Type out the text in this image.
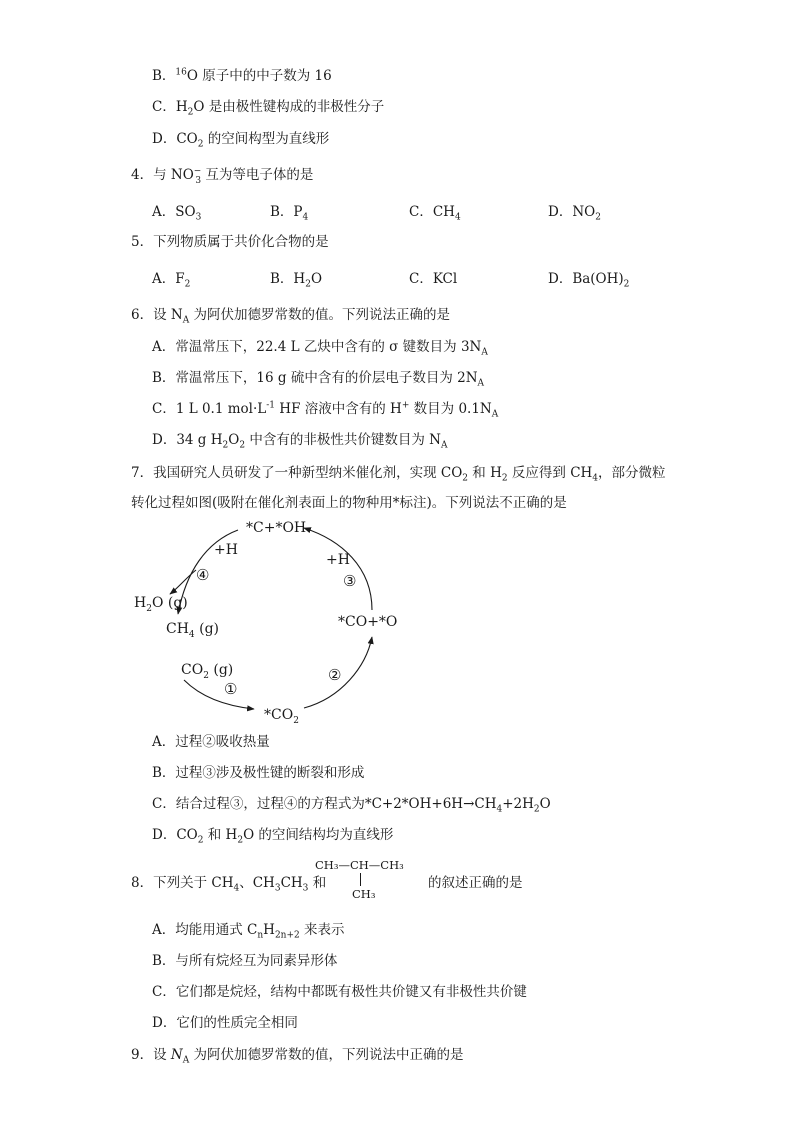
B．$^{16}$O 原子中的中子数为 16
C．$H_2O$ 是由极性键构成的非极性分子
D．$CO_2$ 的空间构型为直线形
4．与 $NO^-_3$ 互为等电子体的是
A．$SO_3$	B．$P_4$	C．$CH_4$	D．$NO_2$
5．下列物质属于共价化合物的是
A．$F_2$	B．$H_2O$	C．KCl	D．$Ba(OH)_2$
6．设 $N_A$ 为阿伏加德罗常数的值。下列说法正确的是
A．常温常压下，22.4 L 乙炔中含有的 σ 键数目为 $3N_A$
B．常温常压下，16 g 硫中含有的价层电子数目为 $2N_A$
C．1 L 0.1 $mol\cdot L^{-1}$ HF 溶液中含有的 H+ 数目为 $0.1N_A$
D．34 g $H_2O_2$ 中含有的非极性共价键数目为 $N_A$
7．我国研究人员研发了一种新型纳米催化剂，实现 $CO_2$ 和 $H_2$ 反应得到 $CH_4$，部分微粒
转化过程如图(吸附在催化剂表面上的物种用*标注)。下列说法不正确的是
*C+*OH
*CO+*O
$*CO_2$
$H_2O$ (g)
$CH_4$ (g)
$CO_2$ (g)
+H
+H
④	③
①
②
A．过程②吸收热量
B．过程③涉及极性键的断裂和形成
C．结合过程③，过程④的方程式为$*C+2*OH+6H\to CH_4+2H_2O$
D．$CO_2$ 和 $H_2O$ 的空间结构均为直线形
8．下列关于 $CH_4$、$CH_3CH_3$ 和
CH₃—CH—CH₃
CH₃
的叙述正确的是
A．均能用通式 $C_nH_{2n+2}$ 来表示
B．与所有烷烃互为同素异形体
C．它们都是烷烃，结构中都既有极性共价键又有非极性共价键
D．它们的性质完全相同
9．设 $N_A$ 为阿伏加德罗常数的值，下列说法中正确的是
